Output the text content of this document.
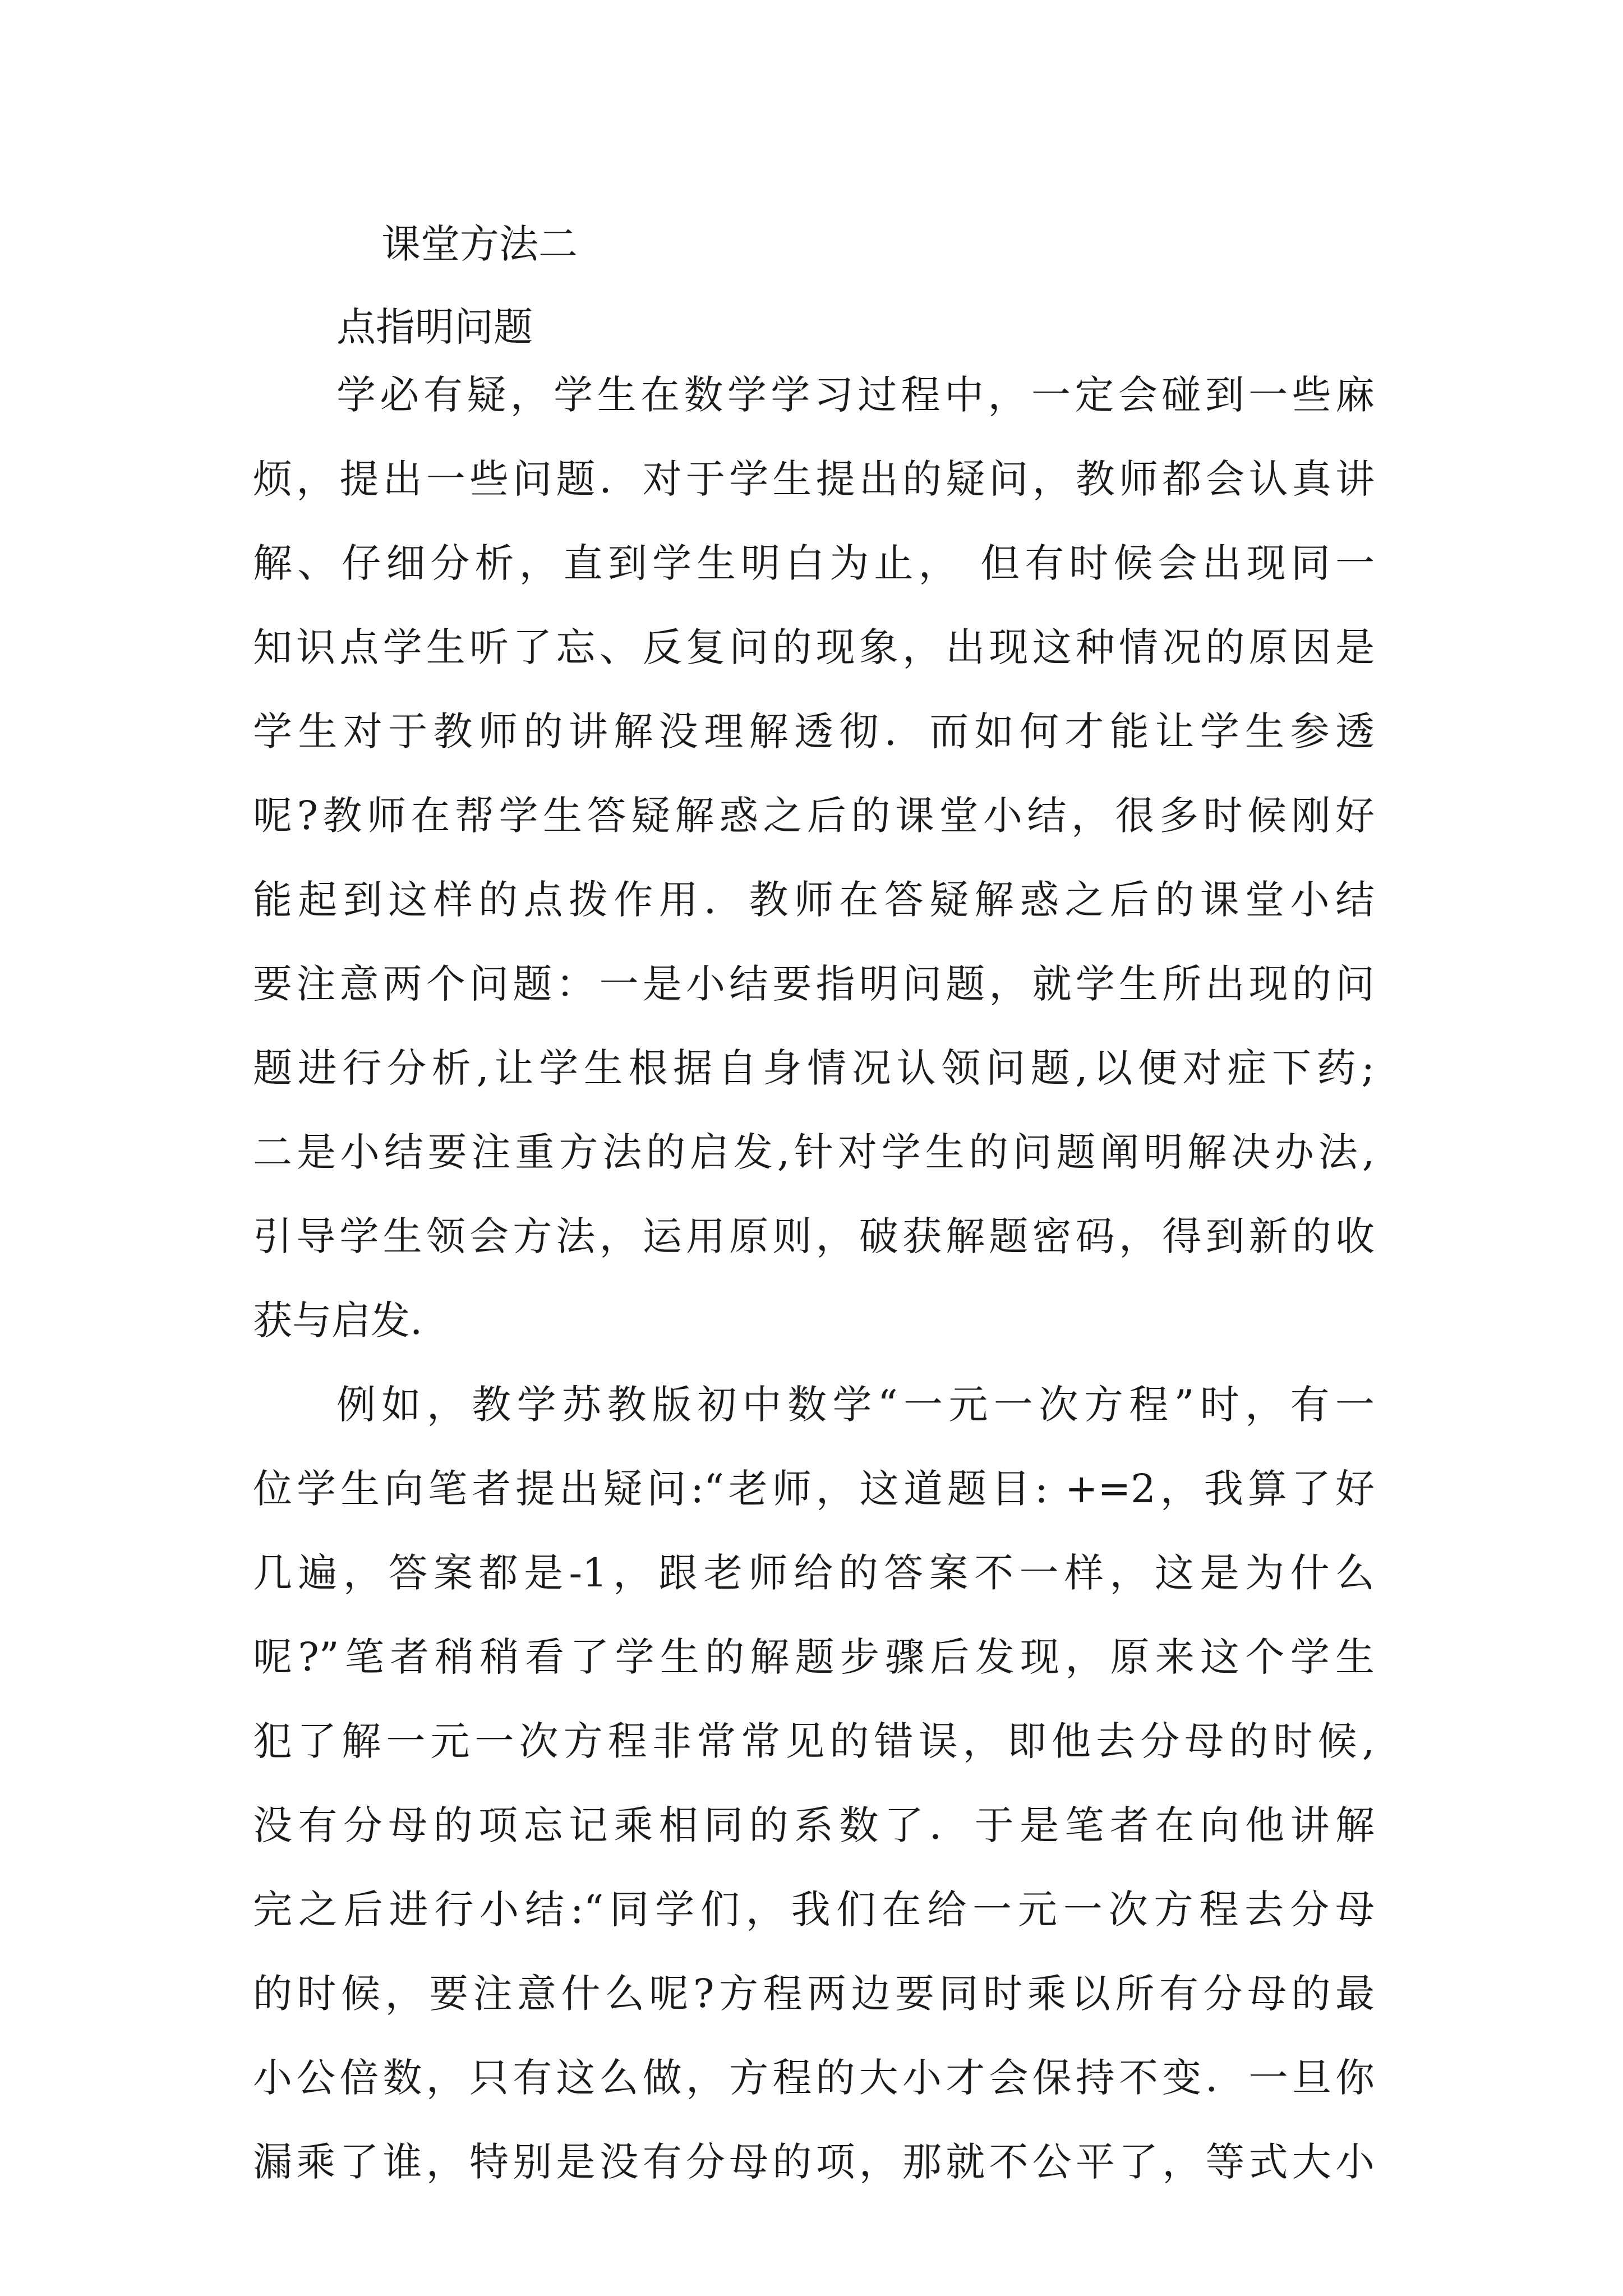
课堂方法二
点指明问题
学必有疑，学生在数学学习过程中，一定会碰到一些麻
烦，提出一些问题．对于学生提出的疑问，教师都会认真讲
解、仔细分析，直到学生明白为止， 但有时候会出现同一
知识点学生听了忘、反复问的现象，出现这种情况的原因是
学生对于教师的讲解没理解透彻．而如何才能让学生参透
呢?教师在帮学生答疑解惑之后的课堂小结，很多时候刚好
能起到这样的点拨作用．教师在答疑解惑之后的课堂小结
要注意两个问题：一是小结要指明问题，就学生所出现的问
题进行分析,让学生根据自身情况认领问题,以便对症下药;
二是小结要注重方法的启发,针对学生的问题阐明解决办法,
引导学生领会方法，运用原则，破获解题密码，得到新的收
获与启发.
例如，教学苏教版初中数学“一元一次方程”时，有一
位学生向笔者提出疑问:“老师，这道题目: +=2，我算了好
几遍，答案都是-1，跟老师给的答案不一样，这是为什么
呢?”笔者稍稍看了学生的解题步骤后发现，原来这个学生
犯了解一元一次方程非常常见的错误，即他去分母的时候,
没有分母的项忘记乘相同的系数了．于是笔者在向他讲解
完之后进行小结:“同学们，我们在给一元一次方程去分母
的时候，要注意什么呢?方程两边要同时乘以所有分母的最
小公倍数，只有这么做，方程的大小才会保持不变．一旦你
漏乘了谁，特别是没有分母的项，那就不公平了，等式大小
